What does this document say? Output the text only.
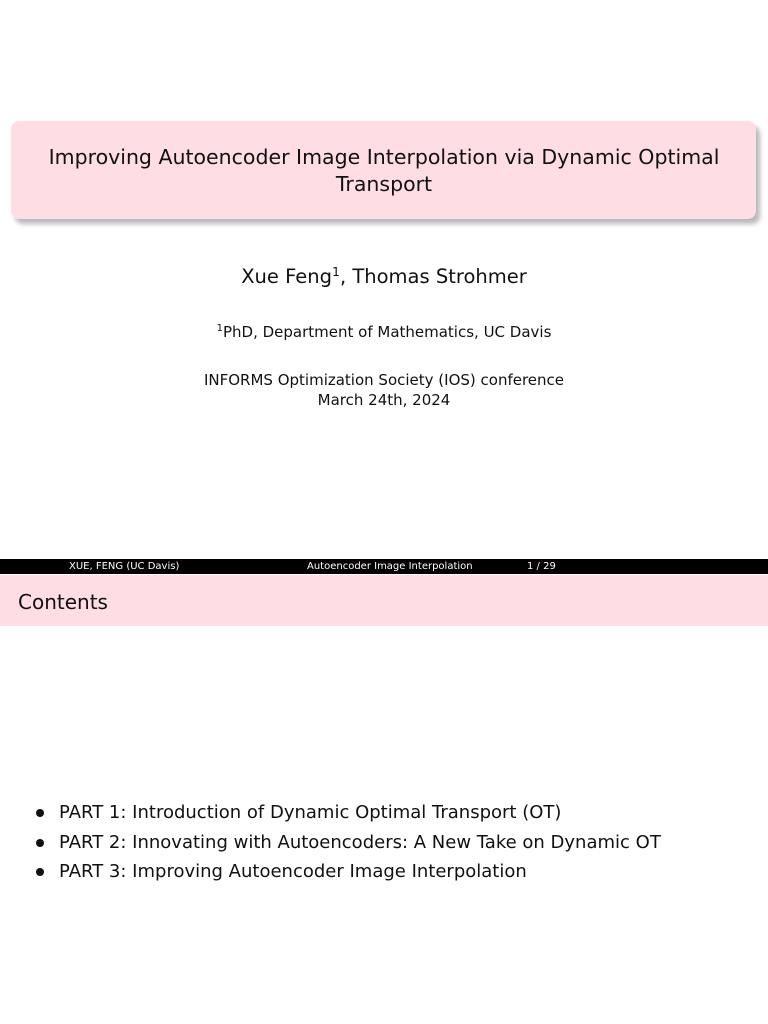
Improving Autoencoder Image Interpolation via Dynamic Optimal Transport
Xue Feng$^1$, Thomas Strohmer
$^1$PhD, Department of Mathematics, UC Davis
INFORMS Optimization Society (IOS) conference
March 24th, 2024
XUE, FENG (UC Davis)	Autoencoder Image Interpolation	1 / 29
Contents
PART 1: Introduction of Dynamic Optimal Transport (OT)
PART 2: Innovating with Autoencoders: A New Take on Dynamic OT
PART 3: Improving Autoencoder Image Interpolation
